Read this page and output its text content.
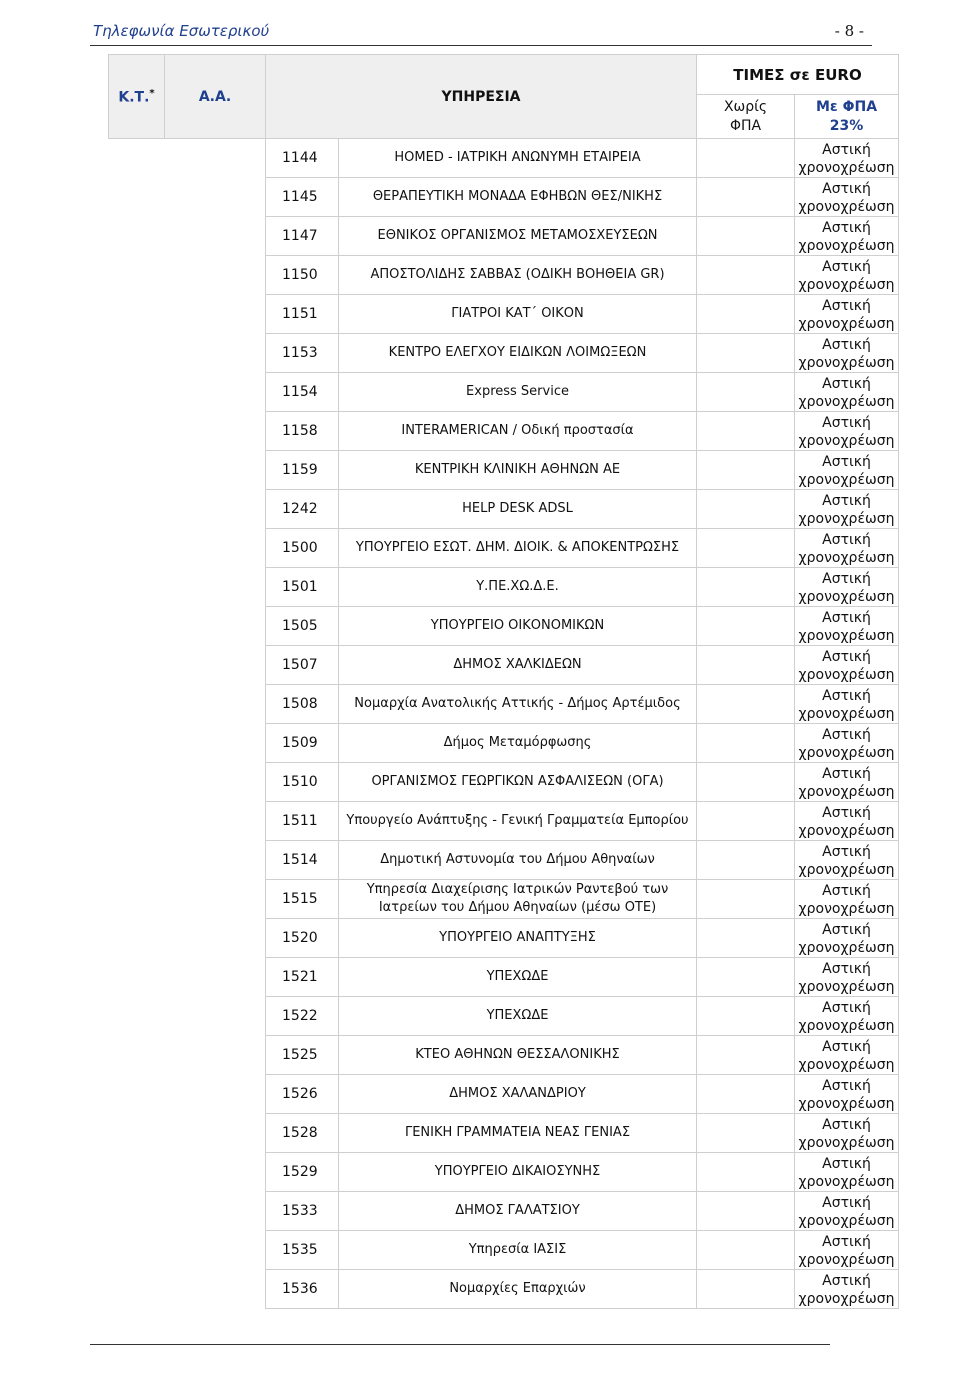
Τηλεφωνία Εσωτερικού	- 8 -
Κ.Τ.*	Α.Α.	ΥΠΗΡΕΣΙΑ		ΤΙΜΕΣ σε EURO	
				Χωρίς
ΦΠΑ	Με ΦΠΑ
23%
		1144	HOMED - ΙΑΤΡΙΚΗ ΑΝΩΝΥΜΗ ΕΤΑΙΡΕΙΑ		Αστική
χρονοχρέωση
		1145	ΘΕΡΑΠΕΥΤΙΚΗ ΜΟΝΑΔΑ ΕΦΗΒΩΝ ΘΕΣ/ΝΙΚΗΣ		Αστική
χρονοχρέωση
		1147	ΕΘΝΙΚΟΣ ΟΡΓΑΝΙΣΜΟΣ ΜΕΤΑΜΟΣΧΕΥΣΕΩΝ		Αστική
χρονοχρέωση
		1150	ΑΠΟΣΤΟΛΙΔΗΣ ΣΑΒΒΑΣ (ΟΔΙΚΗ ΒΟΗΘΕΙΑ GR)		Αστική
χρονοχρέωση
		1151	ΓΙΑΤΡΟΙ ΚΑΤ΄ ΟΙΚΟΝ		Αστική
χρονοχρέωση
		1153	ΚΕΝΤΡΟ ΕΛΕΓΧΟΥ ΕΙΔΙΚΩΝ ΛΟΙΜΩΞΕΩΝ		Αστική
χρονοχρέωση
		1154	Express Service		Αστική
χρονοχρέωση
		1158	INTERAMERICAN / Οδική προστασία		Αστική
χρονοχρέωση
		1159	ΚΕΝΤΡΙΚΗ ΚΛΙΝΙΚΗ ΑΘΗΝΩΝ ΑΕ		Αστική
χρονοχρέωση
		1242	HELP DESK ADSL		Αστική
χρονοχρέωση
		1500	ΥΠΟΥΡΓΕΙΟ ΕΣΩΤ. ΔΗΜ. ΔΙΟΙΚ. & ΑΠΟΚΕΝΤΡΩΣΗΣ		Αστική
χρονοχρέωση
		1501	Υ.ΠΕ.ΧΩ.Δ.Ε.		Αστική
χρονοχρέωση
		1505	ΥΠΟΥΡΓΕΙΟ ΟΙΚΟΝΟΜΙΚΩΝ		Αστική
χρονοχρέωση
		1507	ΔΗΜΟΣ ΧΑΛΚΙΔΕΩΝ		Αστική
χρονοχρέωση
		1508	Νομαρχία Ανατολικής Αττικής - Δήμος Αρτέμιδος		Αστική
χρονοχρέωση
		1509	Δήμος Μεταμόρφωσης		Αστική
χρονοχρέωση
		1510	ΟΡΓΑΝΙΣΜΟΣ ΓΕΩΡΓΙΚΩΝ ΑΣΦΑΛΙΣΕΩΝ (ΟΓΑ)		Αστική
χρονοχρέωση
		1511	Υπουργείο Ανάπτυξης - Γενική Γραμματεία Εμπορίου		Αστική
χρονοχρέωση
		1514	Δημοτική Αστυνομία του Δήμου Αθηναίων		Αστική
χρονοχρέωση
		1515	Υπηρεσία Διαχείρισης Ιατρικών Ραντεβού των Ιατρείων του Δήμου Αθηναίων (μέσω ΟΤΕ)		Αστική
χρονοχρέωση
		1520	ΥΠΟΥΡΓΕΙΟ ΑΝΑΠΤΥΞΗΣ		Αστική
χρονοχρέωση
		1521	ΥΠΕΧΩΔΕ		Αστική
χρονοχρέωση
		1522	ΥΠΕΧΩΔΕ		Αστική
χρονοχρέωση
		1525	ΚΤΕΟ ΑΘΗΝΩΝ ΘΕΣΣΑΛΟΝΙΚΗΣ		Αστική
χρονοχρέωση
		1526	ΔΗΜΟΣ ΧΑΛΑΝΔΡΙΟΥ		Αστική
χρονοχρέωση
		1528	ΓΕΝΙΚΗ ΓΡΑΜΜΑΤΕΙΑ ΝΕΑΣ ΓΕΝΙΑΣ		Αστική
χρονοχρέωση
		1529	ΥΠΟΥΡΓΕΙΟ ΔΙΚΑΙΟΣΥΝΗΣ		Αστική
χρονοχρέωση
		1533	ΔΗΜΟΣ ΓΑΛΑΤΣΙΟΥ		Αστική
χρονοχρέωση
		1535	Υπηρεσία ΙΑΣΙΣ		Αστική
χρονοχρέωση
		1536	Νομαρχίες Επαρχιών		Αστική
χρονοχρέωση
